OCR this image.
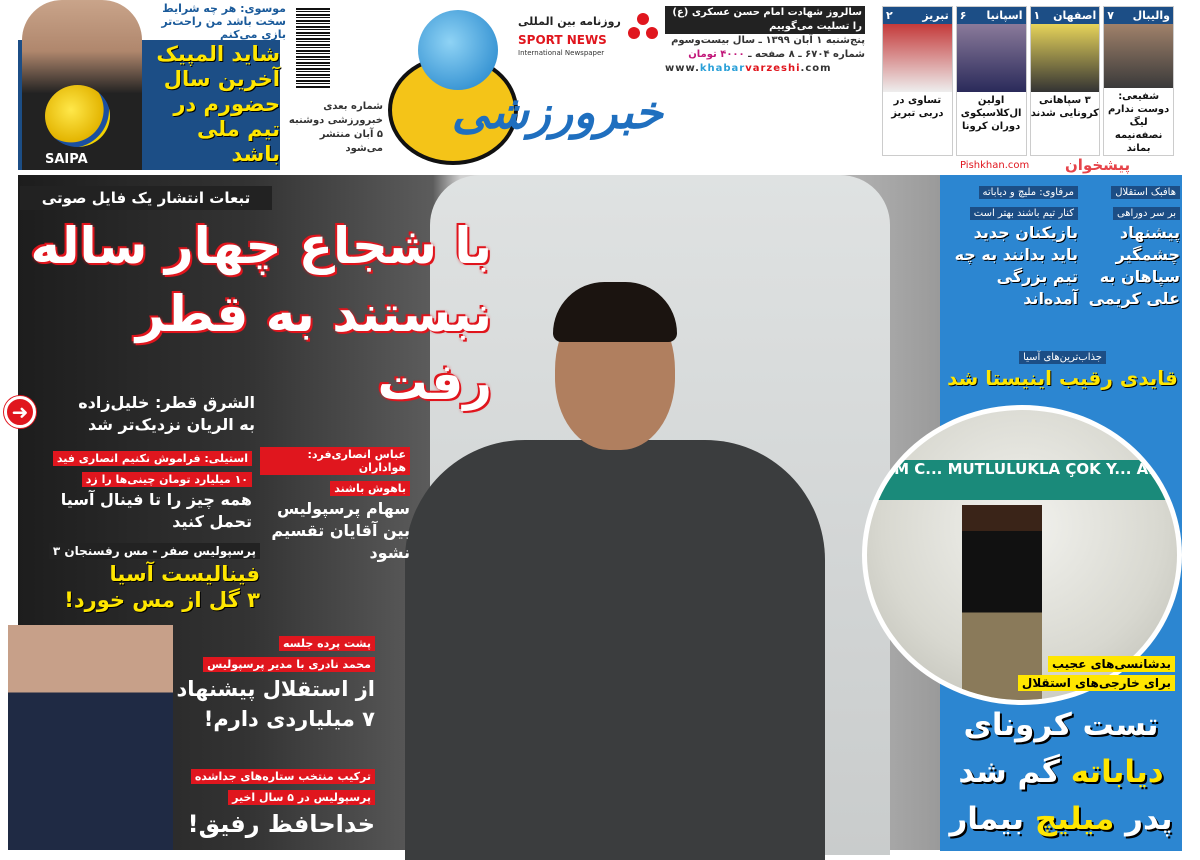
موسوی: هر چه شرایط سخت باشد من راحت‌تر بازی می‌کنم
SAIPA
شاید المپیک آخرین سال حضورم در تیم ملی باشد
شماره بعدی خبرورزشی دوشنبه ۵ آبان منتشر می‌شود
روزنامه بین المللی
SPORT NEWS
International Newspaper
خبرورزشی
سالروز شهادت امام حسن عسکری (ع) را تسلیت می‌گوییم
پنج‌شنبه ۱ آبان ۱۳۹۹ ـ سال بیست‌وسوم
شماره ۶۷۰۴ ـ ۸ صفحه ـ ۴۰۰۰ تومان
www.khabarvarzeshi.com
والیبال
۷
شفیعی: دوست ندارم لیگ نصفه‌نیمه بماند
اصفهان
۱
۳ سپاهانی کرونایی شدند
اسپانیا
۶
اولین ال‌کلاسیکوی دوران کرونا
تبریز
۲
تساوی در دربی تبریز
پیشخوان
Pishkhan.com
تبعات انتشار یک فایل صوتی
با شجاع چهار ساله
نبستند به قطر رفت
➜	الشرق قطر: خلیل‌زاده
به الریان نزدیک‌تر شد
عباس انصاری‌فرد: هوادارانباهوش باشند
سهام پرسپولیس بین آقایان تقسیم نشود
استیلی: فراموش نکنیم انصاری فید۱۰ میلیارد تومان چینی‌ها را زد
همه چیز را تا فینال آسیا تحمل کنید
پرسپولیس صفر - مس رفسنجان ۳
فینالیست آسیا
۳ گل از مس خورد!
پشت پرده جلسه
محمد نادری با مدیر پرسپولیس
از استقلال پیشنهاد
۷ میلیاردی دارم!
ترکیب منتخب ستاره‌های جداشده
پرسپولیس در ۵ سال اخیر
خداحافظ رفیق!
هافبک استقلالبر سر دوراهی
پیشنهاد چشمگیر سپاهان به علی کریمی
مرفاوی: ملیچ و دیاباتهکنار تیم باشند بهتر است
بازیکنان جدید باید بدانند به چه تیم بزرگی آمده‌اند
جذاب‌ترین‌های آسیا
قایدی رقیب اینیستا شد
TUM C... MUTLULUKLA ÇOK Y... ADA
بدشانسی‌های عجیب برای خارجی‌های استقلال
تست کرونای
دیاباته گم شد
پدر میلیچ بیمار
